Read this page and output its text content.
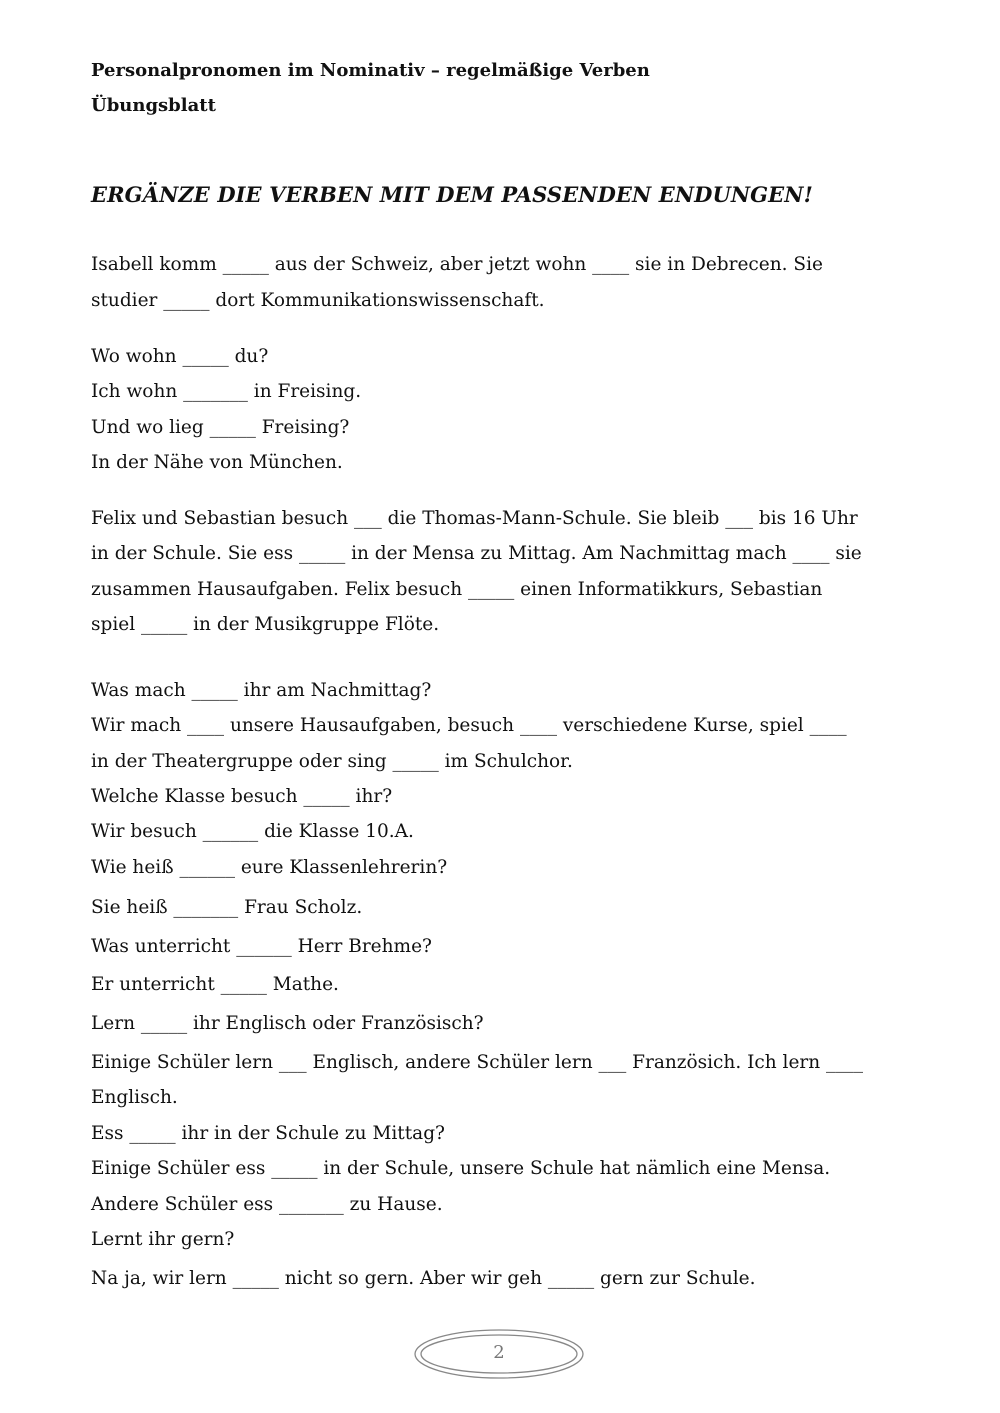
Personalpronomen im Nominativ – regelmäßige Verben
Übungsblatt
ERGÄNZE DIE VERBEN MIT DEM PASSENDEN ENDUNGEN!
Isabell komm _____ aus der Schweiz, aber jetzt wohn ____ sie in Debrecen. Sie
studier _____ dort Kommunikationswissenschaft.
Wo wohn _____ du?
Ich wohn _______ in Freising.
Und wo lieg _____ Freising?
In der Nähe von München.
Felix und Sebastian besuch ___ die Thomas-Mann-Schule. Sie bleib ___ bis 16 Uhr
in der Schule. Sie ess _____ in der Mensa zu Mittag. Am Nachmittag mach ____ sie
zusammen Hausaufgaben. Felix besuch _____ einen Informatikkurs, Sebastian
spiel _____ in der Musikgruppe Flöte.
Was mach _____ ihr am Nachmittag?
Wir mach ____ unsere Hausaufgaben, besuch ____ verschiedene Kurse, spiel ____
in der Theatergruppe oder sing _____ im Schulchor.
Welche Klasse besuch _____ ihr?
Wir besuch ______ die Klasse 10.A.
Wie heiß ______ eure Klassenlehrerin?
Sie heiß _______ Frau Scholz.
Was unterricht ______ Herr Brehme?
Er unterricht _____ Mathe.
Lern _____ ihr Englisch oder Französisch?
Einige Schüler lern ___ Englisch, andere Schüler lern ___ Französich. Ich lern ____
Englisch.
Ess _____ ihr in der Schule zu Mittag?
Einige Schüler ess _____ in der Schule, unsere Schule hat nämlich eine Mensa.
Andere Schüler ess _______ zu Hause.
Lernt ihr gern?
Na ja, wir lern _____ nicht so gern. Aber wir geh _____ gern zur Schule.
2
